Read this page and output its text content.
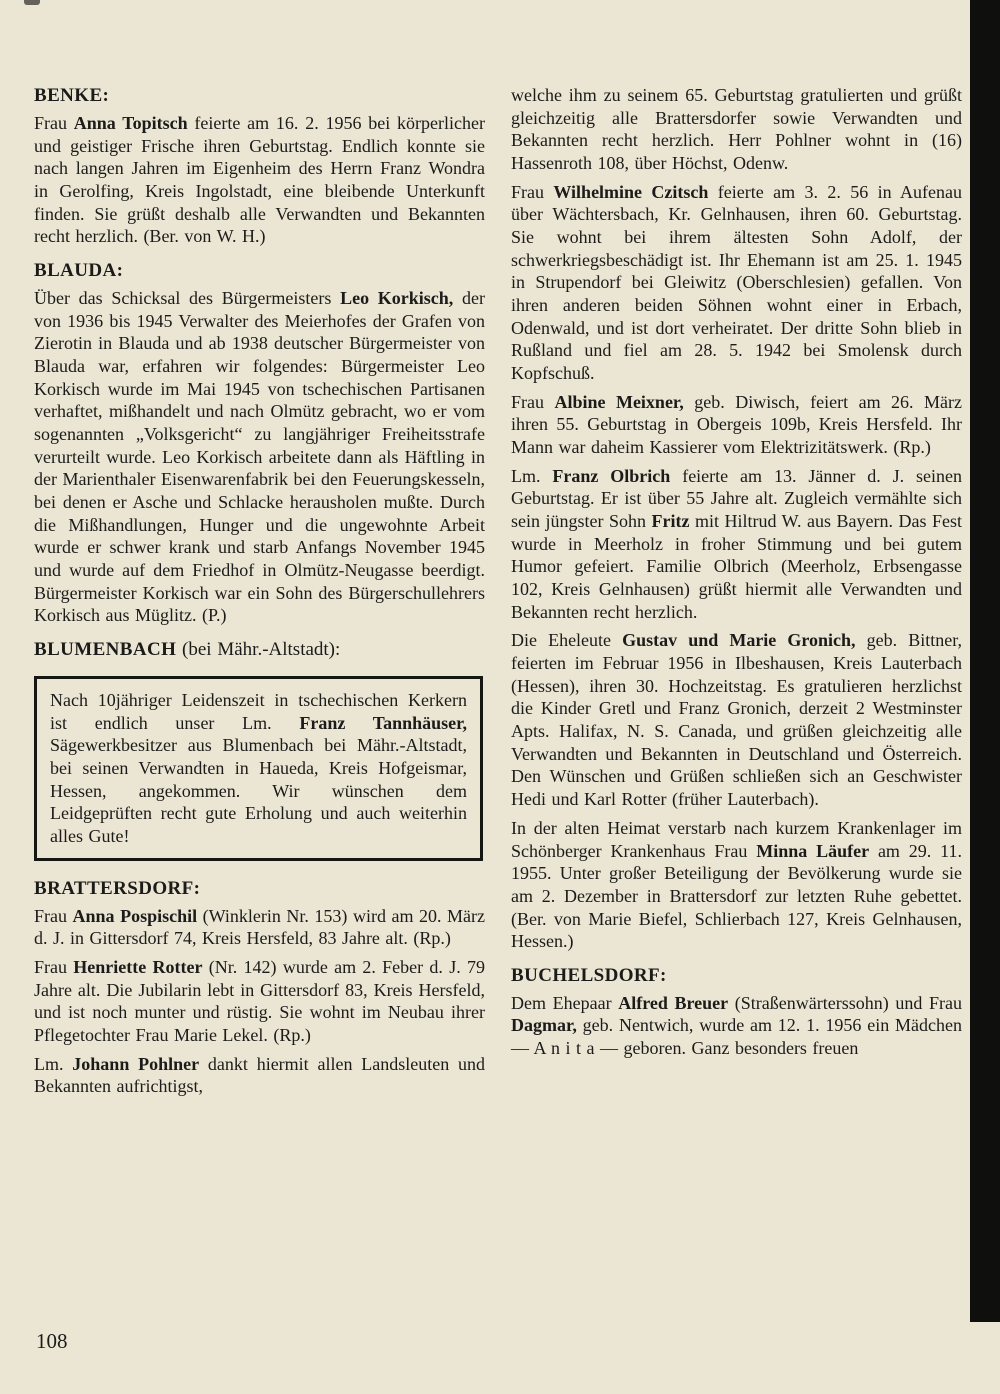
BENKE:

Frau Anna Topitsch feierte am 16. 2. 1956 bei körperlicher und geistiger Frische ihren Geburtstag. Endlich konnte sie nach langen Jahren im Eigenheim des Herrn Franz Wondra in Gerolfing, Kreis Ingolstadt, eine bleibende Unterkunft finden. Sie grüßt deshalb alle Verwandten und Bekannten recht herzlich. (Ber. von W. H.)

BLAUDA:

Über das Schicksal des Bürgermeisters Leo Korkisch, der von 1936 bis 1945 Verwalter des Meierhofes der Grafen von Zierotin in Blauda und ab 1938 deutscher Bürgermeister von Blauda war, erfahren wir folgendes: Bürgermeister Leo Korkisch wurde im Mai 1945 von tschechischen Partisanen verhaftet, mißhandelt und nach Olmütz gebracht, wo er vom sogenannten „Volksgericht“ zu langjähriger Freiheitsstrafe verurteilt wurde. Leo Korkisch arbeitete dann als Häftling in der Marienthaler Eisenwarenfabrik bei den Feuerungskesseln, bei denen er Asche und Schlacke herausholen mußte. Durch die Mißhandlungen, Hunger und die ungewohnte Arbeit wurde er schwer krank und starb Anfangs November 1945 und wurde auf dem Friedhof in Olmütz-Neugasse beerdigt. Bürgermeister Korkisch war ein Sohn des Bürgerschullehrers Korkisch aus Müglitz. (P.)

BLUMENBACH (bei Mähr.-Altstadt):

Nach 10jähriger Leidenszeit in tschechischen Kerkern ist endlich unser Lm. Franz Tannhäuser, Sägewerkbesitzer aus Blumenbach bei Mähr.-Altstadt, bei seinen Verwandten in Haueda, Kreis Hofgeismar, Hessen, angekommen. Wir wünschen dem Leidgeprüften recht gute Erholung und auch weiterhin alles Gute!

BRATTERSDORF:

Frau Anna Pospischil (Winklerin Nr. 153) wird am 20. März d. J. in Gittersdorf 74, Kreis Hersfeld, 83 Jahre alt. (Rp.)

Frau Henriette Rotter (Nr. 142) wurde am 2. Feber d. J. 79 Jahre alt. Die Jubilarin lebt in Gittersdorf 83, Kreis Hersfeld, und ist noch munter und rüstig. Sie wohnt im Neubau ihrer Pflegetochter Frau Marie Lekel. (Rp.)

Lm. Johann Pohlner dankt hiermit allen Landsleuten und Bekannten aufrichtigst,

welche ihm zu seinem 65. Geburtstag gratulierten und grüßt gleichzeitig alle Brattersdorfer sowie Verwandten und Bekannten recht herzlich. Herr Pohlner wohnt in (16) Hassenroth 108, über Höchst, Odenw.

Frau Wilhelmine Czitsch feierte am 3. 2. 56 in Aufenau über Wächtersbach, Kr. Gelnhausen, ihren 60. Geburtstag. Sie wohnt bei ihrem ältesten Sohn Adolf, der schwerkriegsbeschädigt ist. Ihr Ehemann ist am 25. 1. 1945 in Strupendorf bei Gleiwitz (Oberschlesien) gefallen. Von ihren anderen beiden Söhnen wohnt einer in Erbach, Odenwald, und ist dort verheiratet. Der dritte Sohn blieb in Rußland und fiel am 28. 5. 1942 bei Smolensk durch Kopfschuß.

Frau Albine Meixner, geb. Diwisch, feiert am 26. März ihren 55. Geburtstag in Obergeis 109b, Kreis Hersfeld. Ihr Mann war daheim Kassierer vom Elektrizitätswerk. (Rp.)

Lm. Franz Olbrich feierte am 13. Jänner d. J. seinen Geburtstag. Er ist über 55 Jahre alt. Zugleich vermählte sich sein jüngster Sohn Fritz mit Hiltrud W. aus Bayern. Das Fest wurde in Meerholz in froher Stimmung und bei gutem Humor gefeiert. Familie Olbrich (Meerholz, Erbsengasse 102, Kreis Gelnhausen) grüßt hiermit alle Verwandten und Bekannten recht herzlich.

Die Eheleute Gustav und Marie Gronich, geb. Bittner, feierten im Februar 1956 in Ilbeshausen, Kreis Lauterbach (Hessen), ihren 30. Hochzeitstag. Es gratulieren herzlichst die Kinder Gretl und Franz Gronich, derzeit 2 Westminster Apts. Halifax, N. S. Canada, und grüßen gleichzeitig alle Verwandten und Bekannten in Deutschland und Österreich. Den Wünschen und Grüßen schließen sich an Geschwister Hedi und Karl Rotter (früher Lauterbach).

In der alten Heimat verstarb nach kurzem Krankenlager im Schönberger Krankenhaus Frau Minna Läufer am 29. 11. 1955. Unter großer Beteiligung der Bevölkerung wurde sie am 2. Dezember in Brattersdorf zur letzten Ruhe gebettet. (Ber. von Marie Biefel, Schlierbach 127, Kreis Gelnhausen, Hessen.)

BUCHELSDORF:

Dem Ehepaar Alfred Breuer (Straßenwärterssohn) und Frau Dagmar, geb. Nentwich, wurde am 12. 1. 1956 ein Mädchen — A n i t a — geboren. Ganz besonders freuen

108
